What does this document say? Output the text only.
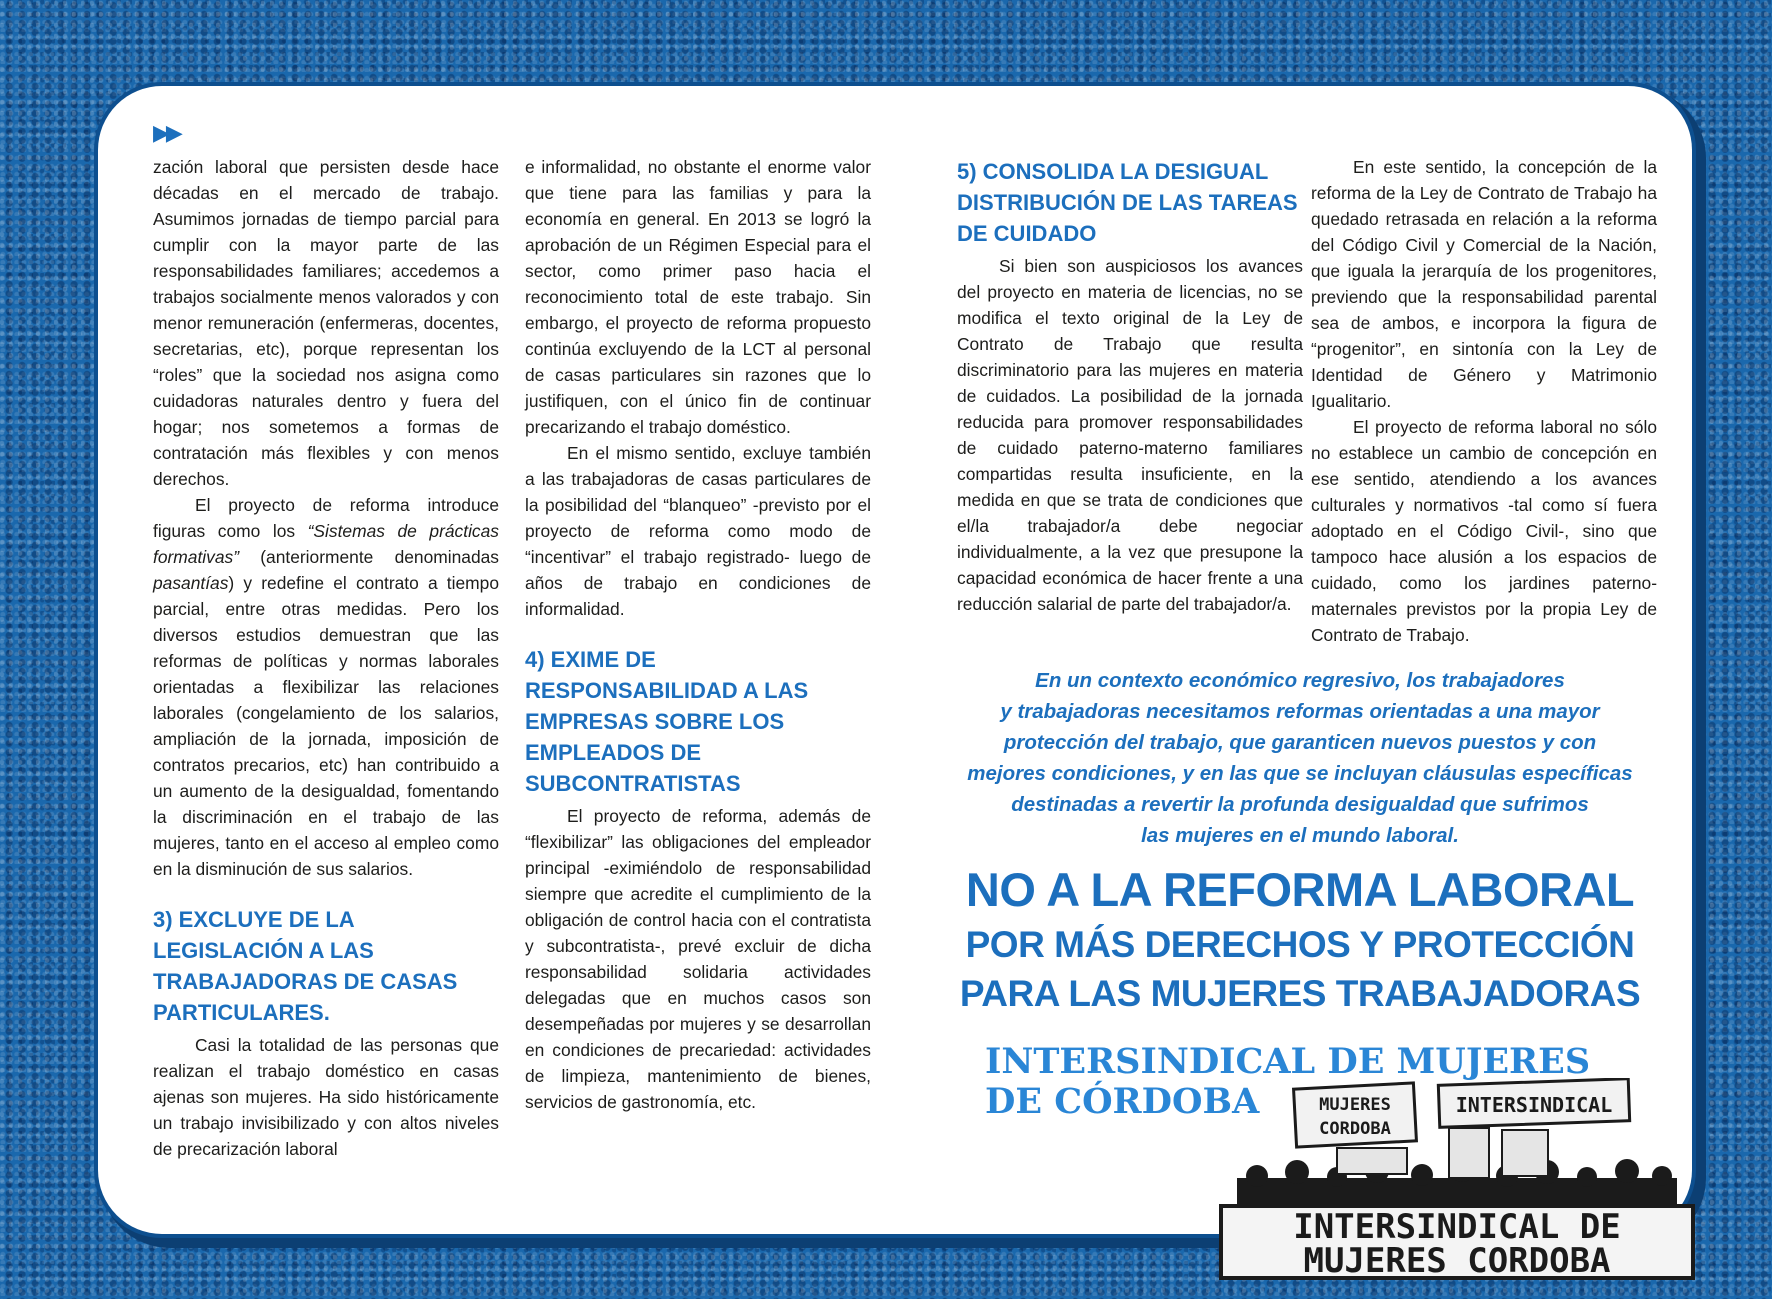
▶▶

zación laboral que persisten desde hace décadas en el mercado de trabajo. Asumimos jornadas de tiempo parcial para cumplir con la mayor parte de las responsabilidades familiares; accedemos a trabajos socialmente menos valorados y con menor remuneración (enfermeras, docentes, secretarias, etc), porque representan los “roles” que la sociedad nos asigna como cuidadoras naturales dentro y fuera del hogar; nos sometemos a formas de contratación más flexibles y con menos derechos.

El proyecto de reforma introduce figuras como los “Sistemas de prácticas formativas” (anteriormente denominadas pasantías) y redefine el contrato a tiempo parcial, entre otras medidas. Pero los diversos estudios demuestran que las reformas de políticas y normas laborales orientadas a flexibilizar las relaciones laborales (congelamiento de los salarios, ampliación de la jornada, imposición de contratos precarios, etc) han contribuido a un aumento de la desigualdad, fomentando la discriminación en el trabajo de las mujeres, tanto en el acceso al empleo como en la disminución de sus salarios.

3) EXCLUYE DE LA LEGISLACIÓN A LAS TRABAJADORAS DE CASAS PARTICULARES.

Casi la totalidad de las personas que realizan el trabajo doméstico en casas ajenas son mujeres. Ha sido históricamente un trabajo invisibilizado y con altos niveles de precarización laboral

e informalidad, no obstante el enorme valor que tiene para las familias y para la economía en general. En 2013 se logró la aprobación de un Régimen Especial para el sector, como primer paso hacia el reconocimiento total de este trabajo. Sin embargo, el proyecto de reforma propuesto continúa excluyendo de la LCT al personal de casas particulares sin razones que lo justifiquen, con el único fin de continuar precarizando el trabajo doméstico.

En el mismo sentido, excluye también a las trabajadoras de casas particulares de la posibilidad del “blanqueo” -previsto por el proyecto de reforma como modo de “incentivar” el trabajo registrado- luego de años de trabajo en condiciones de informalidad.

4) EXIME DE RESPONSABILIDAD A LAS EMPRESAS SOBRE LOS EMPLEADOS DE SUBCONTRATISTAS

El proyecto de reforma, además de “flexibilizar” las obligaciones del empleador principal -eximiéndolo de responsabilidad siempre que acredite el cumplimiento de la obligación de control hacia con el contratista y subcontratista-, prevé excluir de dicha responsabilidad solidaria actividades delegadas que en muchos casos son desempeñadas por mujeres y se desarrollan en condiciones de precariedad: actividades de limpieza, mantenimiento de bienes, servicios de gastronomía, etc.

5) CONSOLIDA LA DESIGUAL DISTRIBUCIÓN DE LAS TAREAS DE CUIDADO

Si bien son auspiciosos los avances del proyecto en materia de licencias, no se modifica el texto original de la Ley de Contrato de Trabajo que resulta discriminatorio para las mujeres en materia de cuidados. La posibilidad de la jornada reducida para promover responsabilidades de cuidado paterno-materno familiares compartidas resulta insuficiente, en la medida en que se trata de condiciones que el/la trabajador/a debe negociar individualmente, a la vez que presupone la capacidad económica de hacer frente a una reducción salarial de parte del trabajador/a.

En este sentido, la concepción de la reforma de la Ley de Contrato de Trabajo ha quedado retrasada en relación a la reforma del Código Civil y Comercial de la Nación, que iguala la jerarquía de los progenitores, previendo que la responsabilidad parental sea de ambos, e incorpora la figura de “progenitor”, en sintonía con la Ley de Identidad de Género y Matrimonio Igualitario.

El proyecto de reforma laboral no sólo no establece un cambio de concepción en ese sentido, atendiendo a los avances culturales y normativos -tal como sí fuera adoptado en el Código Civil-, sino que tampoco hace alusión a los espacios de cuidado, como los jardines paterno-maternales previstos por la propia Ley de Contrato de Trabajo.

En un contexto económico regresivo, los trabajadores
y trabajadoras necesitamos reformas orientadas a una mayor
protección del trabajo, que garanticen nuevos puestos y con
mejores condiciones, y en las que se incluyan cláusulas específicas
destinadas a revertir la profunda desigualdad que sufrimos
las mujeres en el mundo laboral.
NO A LA REFORMA LABORAL
POR MÁS DERECHOS Y PROTECCIÓN
PARA LAS MUJERES TRABAJADORAS
INTERSINDICAL DE MUJERES
DE CÓRDOBA	MUJERES
CORDOBA
INTERSINDICAL
INTERSINDICAL DE
MUJERES CORDOBA
